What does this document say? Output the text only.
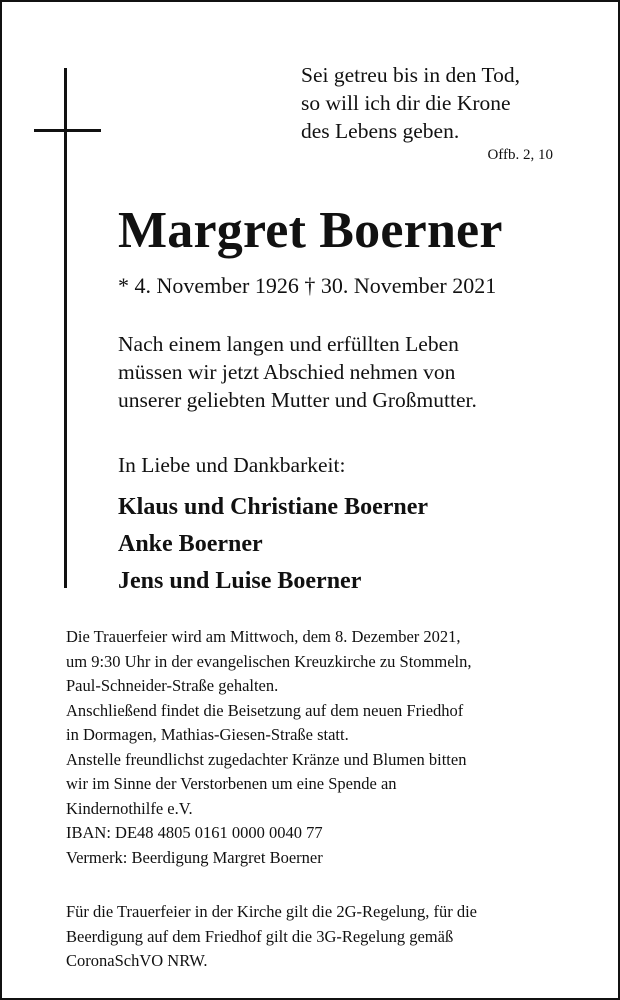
Sei getreu bis in den Tod,
so will ich dir die Krone
des Lebens geben.
Offb. 2, 10
Margret Boerner
* 4. November 1926 † 30. November 2021
Nach einem langen und erfüllten Leben
müssen wir jetzt Abschied nehmen von
unserer geliebten Mutter und Großmutter.
In Liebe und Dankbarkeit:
Klaus und Christiane Boerner
Anke Boerner
Jens und Luise Boerner
Die Trauerfeier wird am Mittwoch, dem 8. Dezember 2021,
um 9:30 Uhr in der evangelischen Kreuzkirche zu Stommeln,
Paul-Schneider-Straße gehalten.
Anschließend findet die Beisetzung auf dem neuen Friedhof
in Dormagen, Mathias-Giesen-Straße statt.
Anstelle freundlichst zugedachter Kränze und Blumen bitten
wir im Sinne der Verstorbenen um eine Spende an
Kindernothilfe e.V.
IBAN: DE48 4805 0161 0000 0040 77
Vermerk: Beerdigung Margret Boerner
Für die Trauerfeier in der Kirche gilt die 2G-Regelung, für die
Beerdigung auf dem Friedhof gilt die 3G-Regelung gemäß
CoronaSchVO NRW.
